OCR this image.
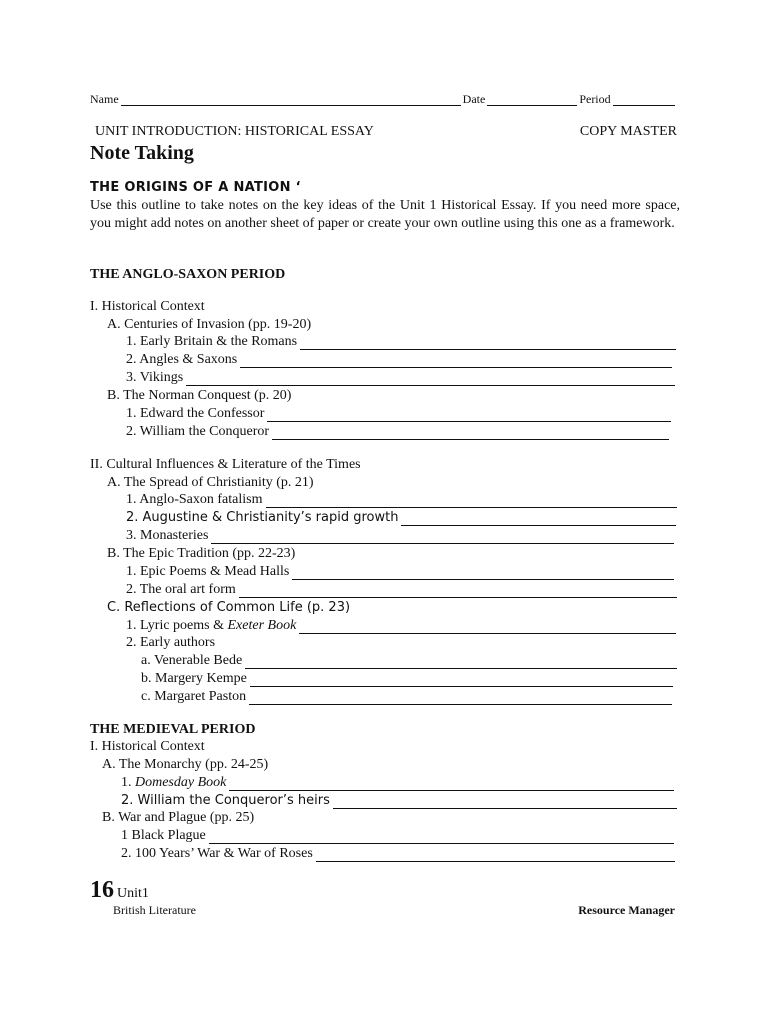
Name	Date	Period
UNIT INTRODUCTION: HISTORICAL ESSAY	COPY MASTER
Note Taking
THE ORIGINS OF A NATION ‘
Use this outline to take notes on the key ideas of the Unit 1 Historical Essay. If you need more space, you might add notes on another sheet of paper or create your own outline using this one as a framework.
THE ANGLO-SAXON PERIOD
I. Historical Context
A. Centuries of Invasion (pp. 19-20)
1. Early Britain & the Romans
2. Angles & Saxons
3. Vikings
B. The Norman Conquest (p. 20)
1. Edward the Confessor
2. William the Conqueror
II. Cultural Influences & Literature of the Times
A. The Spread of Christianity (p. 21)
1. Anglo-Saxon fatalism
2. Augustine & Christianity’s rapid growth
3. Monasteries
B. The Epic Tradition (pp. 22-23)
1. Epic Poems & Mead Halls
2. The oral art form
C. Reflections of Common Life (p. 23)
1. Lyric poems & Exeter Book
2. Early authors
a. Venerable Bede
b. Margery Kempe
c. Margaret Paston
THE MEDIEVAL PERIOD
I. Historical Context
A. The Monarchy (pp. 24-25)
1. Domesday Book
2. William the Conqueror’s heirs
B. War and Plague (pp. 25)
1 Black Plague
2. 100 Years’ War & War of Roses
16 Unit1
British Literature	Resource Manager
